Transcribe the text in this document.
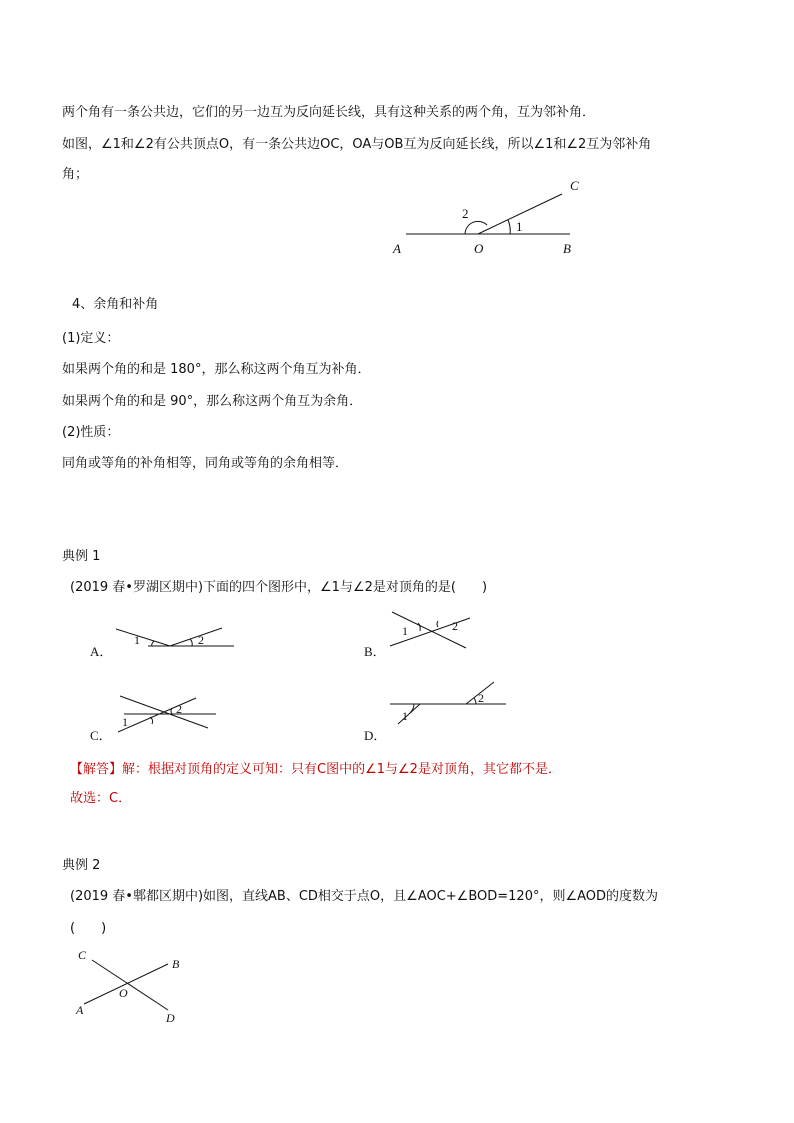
两个角有一条公共边，它们的另一边互为反向延长线，具有这种关系的两个角，互为邻补角．
如图，∠1和∠2有公共顶点O，有一条公共边OC，OA与OB互为反向延长线，所以∠1和∠2互为邻补角
角；
2
1
C
A	O	B
4、余角和补角
(1)定义：
如果两个角的和是 180°，那么称这两个角互为补角．
如果两个角的和是 90°，那么称这两个角互为余角．
(2)性质：
同角或等角的补角相等，同角或等角的余角相等．
典例 1
(2019 春•罗湖区期中)下面的四个图形中，∠1与∠2是对顶角的是(　　)
A．
1	2
B．
1	2
C．
1
2
D．
1
2
【解答】解：根据对顶角的定义可知：只有C图中的∠1与∠2是对顶角，其它都不是．
故选：C．
典例 2
(2019 春•郫都区期中)如图，直线AB、CD相交于点O，且∠AOC+∠BOD=120°，则∠AOD的度数为
(　　)
C
B
O
A
D
